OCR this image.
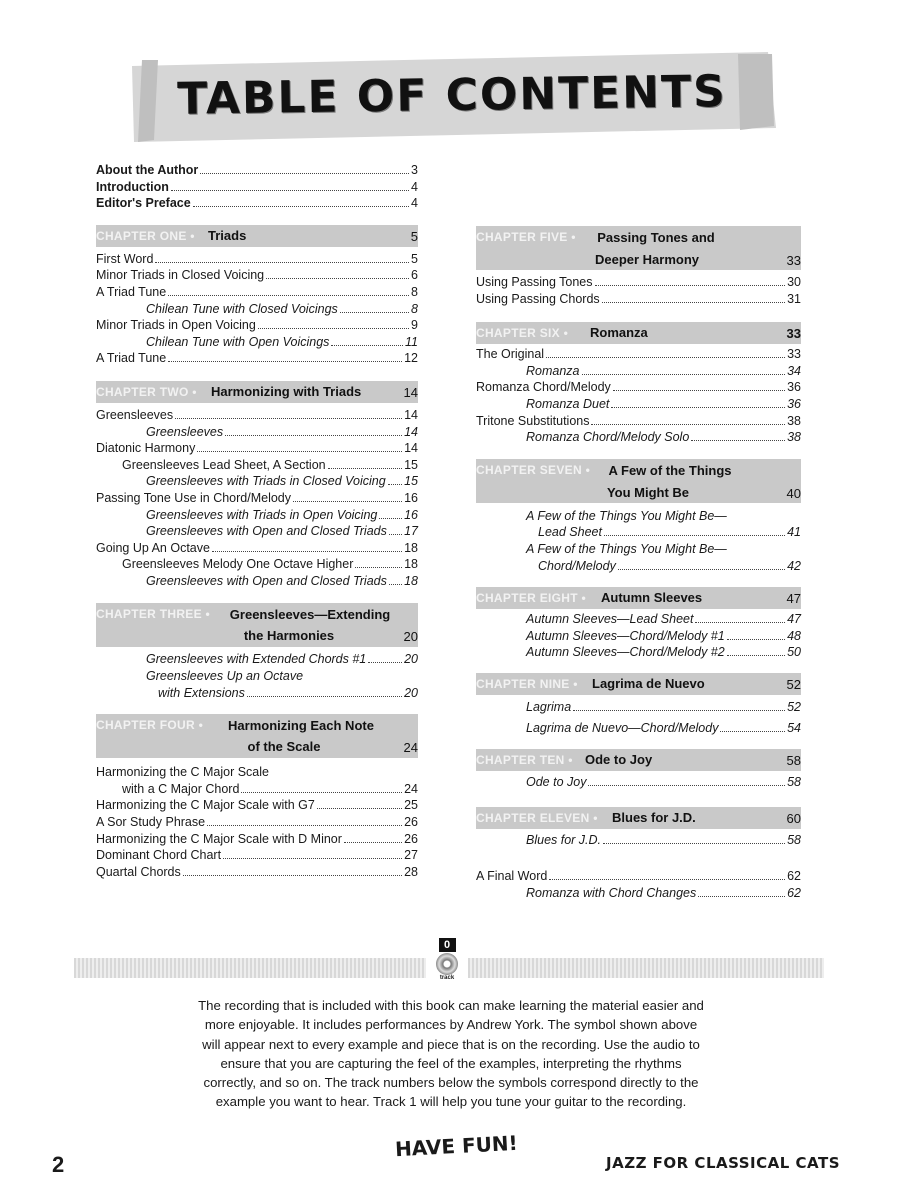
TABLE OF CONTENTS
About the Author	3
Introduction	4
Editor's Preface	4
CHAPTER ONE • Triads	5
First Word	5
Minor Triads in Closed Voicing	6
A Triad Tune	8
Chilean Tune with Closed Voicings	8
Minor Triads in Open Voicing	9
Chilean Tune with Open Voicings	11
A Triad Tune	12
CHAPTER TWO • Harmonizing with Triads	14
Greensleeves	14
Greensleeves	14
Diatonic Harmony	14
Greensleeves Lead Sheet, A Section	15
Greensleeves with Triads in Closed Voicing 15
Passing Tone Use in Chord/Melody	16
Greensleeves with Triads in Open Voicing 16
Greensleeves with Open and Closed Triads 17
Going Up An Octave	18
Greensleeves Melody One Octave Higher	18
Greensleeves with Open and Closed Triads 18
CHAPTER THREE •	Greensleeves—Extending
the Harmonies	20
Greensleeves with Extended Chords #1	20
Greensleeves Up an Octave
with Extensions	20
CHAPTER FOUR •	Harmonizing Each Note
of the Scale	24
Harmonizing the C Major Scale
with a C Major Chord	24
Harmonizing the C Major Scale with G7	25
A Sor Study Phrase	26
Harmonizing the C Major Scale with D Minor	26
Dominant Chord Chart	27
Quartal Chords	28
CHAPTER FIVE •	Passing Tones and
Deeper Harmony	33
Using Passing Tones	30
Using Passing Chords	31
CHAPTER SIX • Romanza	33
The Original	33
Romanza	34
Romanza Chord/Melody	36
Romanza Duet	36
Tritone Substitutions	38
Romanza Chord/Melody Solo	38
CHAPTER SEVEN •	A Few of the Things
You Might Be	40
A Few of the Things You Might Be—
Lead Sheet	41
A Few of the Things You Might Be—
Chord/Melody	42
CHAPTER EIGHT • Autumn Sleeves	47
Autumn Sleeves—Lead Sheet	47
Autumn Sleeves—Chord/Melody #1	48
Autumn Sleeves—Chord/Melody #2	50
CHAPTER NINE • Lagrima de Nuevo	52
Lagrima	52
Lagrima de Nuevo—Chord/Melody	54
CHAPTER TEN • Ode to Joy	58
Ode to Joy	58
CHAPTER ELEVEN • Blues for J.D.	60
Blues for J.D.	58
A Final Word	62
Romanza with Chord Changes	62
0
track
The recording that is included with this book can make learning the material easier and more enjoyable. It includes performances by Andrew York. The symbol shown above will appear next to every example and piece that is on the recording. Use the audio to ensure that you are capturing the feel of the examples, interpreting the rhythms correctly, and so on. The track numbers below the symbols correspond directly to the example you want to hear. Track 1 will help you tune your guitar to the recording.
HAVE FUN!
2	JAZZ FOR CLASSICAL CATS
